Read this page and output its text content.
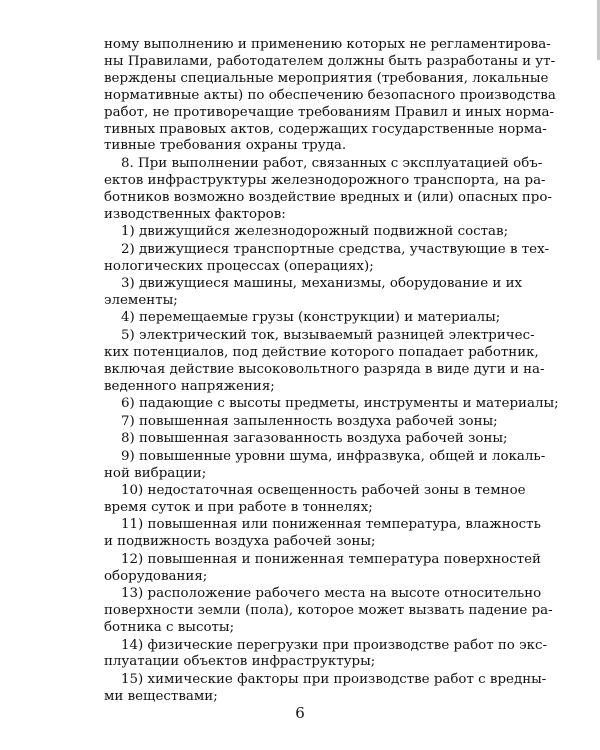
ному выполнению и применению которых не регламентирова-
ны Правилами, работодателем должны быть разработаны и ут-
верждены специальные мероприятия (требования, локальные
нормативные акты) по обеспечению безопасного производства
работ, не противоречащие требованиям Правил и иных норма-
тивных правовых актов, содержащих государственные норма-
тивные требования охраны труда.
8. При выполнении работ, связанных с эксплуатацией объ-
ектов инфраструктуры железнодорожного транспорта, на ра-
ботников возможно воздействие вредных и (или) опасных про-
изводственных факторов:
1) движущийся железнодорожный подвижной состав;
2) движущиеся транспортные средства, участвующие в тех-
нологических процессах (операциях);
3) движущиеся машины, механизмы, оборудование и их
элементы;
4) перемещаемые грузы (конструкции) и материалы;
5) электрический ток, вызываемый разницей электричес-
ких потенциалов, под действие которого попадает работник,
включая действие высоковольтного разряда в виде дуги и на-
веденного напряжения;
6) падающие с высоты предметы, инструменты и материалы;
7) повышенная запыленность воздуха рабочей зоны;
8) повышенная загазованность воздуха рабочей зоны;
9) повышенные уровни шума, инфразвука, общей и локаль-
ной вибрации;
10) недостаточная освещенность рабочей зоны в темное
время суток и при работе в тоннелях;
11) повышенная или пониженная температура, влажность
и подвижность воздуха рабочей зоны;
12) повышенная и пониженная температура поверхностей
оборудования;
13) расположение рабочего места на высоте относительно
поверхности земли (пола), которое может вызвать падение ра-
ботника с высоты;
14) физические перегрузки при производстве работ по экс-
плуатации объектов инфраструктуры;
15) химические факторы при производстве работ с вредны-
ми веществами;
6
